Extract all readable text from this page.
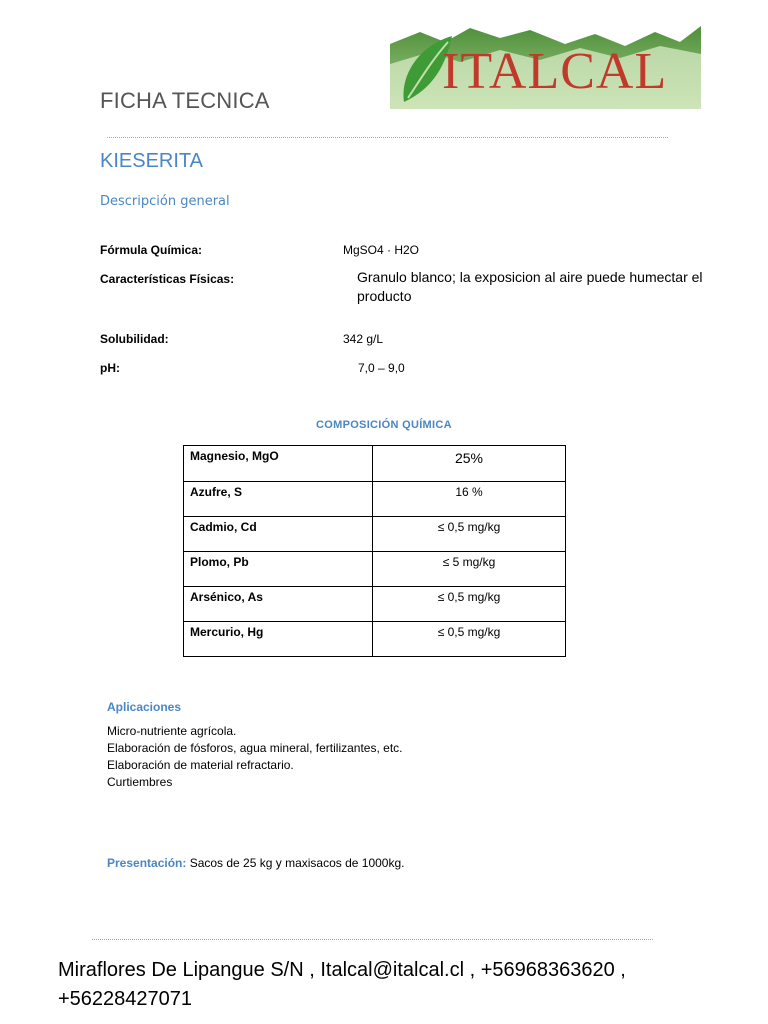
ITALCAL
FICHA TECNICA
KIESERITA
Descripción general
Fórmula Química:	MgSO4 · H2O
Características Físicas:	Granulo blanco; la exposicion al aire puede humectar el producto
Solubilidad:	342 g/L
pH:	7,0 – 9,0
COMPOSICIÓN QUÍMICA
Magnesio, MgO	25%
Azufre, S	16 %
Cadmio, Cd	≤ 0,5 mg/kg
Plomo, Pb	≤ 5 mg/kg
Arsénico, As	≤ 0,5 mg/kg
Mercurio, Hg	≤ 0,5 mg/kg
Aplicaciones
Micro-nutriente agrícola.
Elaboración de fósforos, agua mineral, fertilizantes, etc.
Elaboración de material refractario.
Curtiembres
Presentación: Sacos de 25 kg y maxisacos de 1000kg.
Miraflores De Lipangue S/N , Italcal@italcal.cl , +56968363620 , +56228427071
